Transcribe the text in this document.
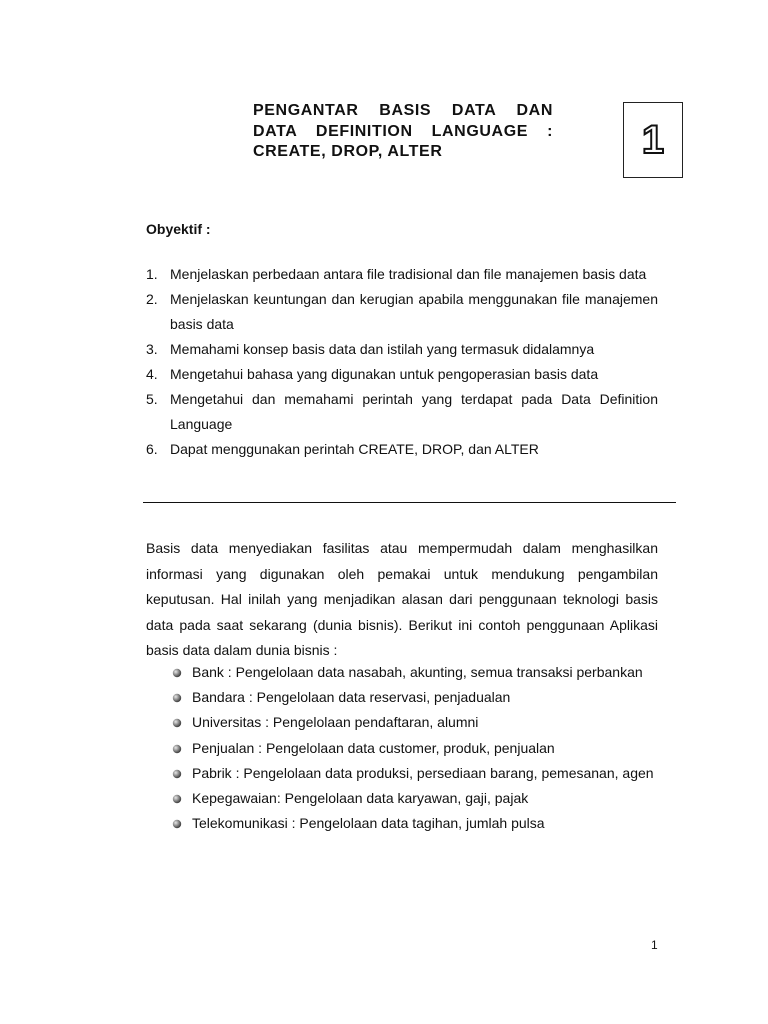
PENGANTAR BASIS DATA DAN
DATA DEFINITION LANGUAGE :
CREATE, DROP, ALTER	1
Obyektif :
1. Menjelaskan perbedaan antara file tradisional dan file manajemen basis data
2. Menjelaskan keuntungan dan kerugian apabila menggunakan file manajemen basis data
3. Memahami konsep basis data dan istilah yang termasuk didalamnya
4. Mengetahui bahasa yang digunakan untuk pengoperasian basis data
5. Mengetahui dan memahami perintah yang terdapat pada Data Definition Language
6. Dapat menggunakan perintah CREATE, DROP, dan ALTER

Basis data menyediakan fasilitas atau mempermudah dalam menghasilkan informasi yang digunakan oleh pemakai untuk mendukung pengambilan keputusan. Hal inilah yang menjadikan alasan dari penggunaan teknologi basis data pada saat sekarang (dunia bisnis). Berikut ini contoh penggunaan Aplikasi basis data dalam dunia bisnis :

Bank : Pengelolaan data nasabah, akunting, semua transaksi perbankan
Bandara : Pengelolaan data reservasi, penjadualan
Universitas : Pengelolaan pendaftaran, alumni
Penjualan : Pengelolaan data customer, produk, penjualan
Pabrik : Pengelolaan data produksi, persediaan barang, pemesanan, agen
Kepegawaian: Pengelolaan data karyawan, gaji, pajak
Telekomunikasi : Pengelolaan data tagihan, jumlah pulsa
1
